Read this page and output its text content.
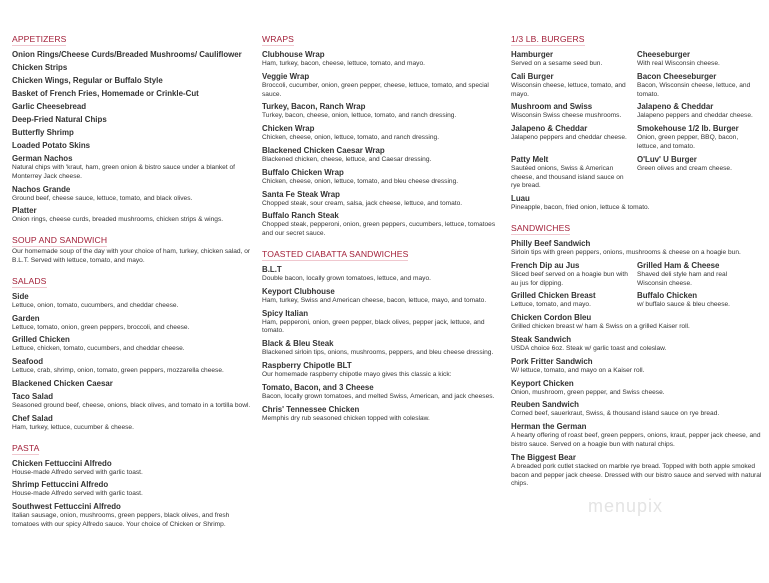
APPETIZERS
Onion Rings/Cheese Curds/Breaded Mushrooms/ Cauliflower
Chicken Strips
Chicken Wings, Regular or Buffalo Style
Basket of French Fries, Homemade or Crinkle-Cut
Garlic Cheesebread
Deep-Fried Natural Chips
Butterfly Shrimp
Loaded Potato Skins
German Nachos
Natural chips with 'kraut, ham, green onion & bistro sauce under a blanket of Monterrey Jack cheese.
Nachos Grande
Ground beef, cheese sauce, lettuce, tomato, and black olives.
Platter
Onion rings, cheese curds, breaded mushrooms, chicken strips & wings.
SOUP AND SANDWICH
Our homemade soup of the day with your choice of ham, turkey, chicken salad, or B.L.T. Served with lettuce, tomato, and mayo.
SALADS
Side
Lettuce, onion, tomato, cucumbers, and cheddar cheese.
Garden
Lettuce, tomato, onion, green peppers, broccoli, and cheese.
Grilled Chicken
Lettuce, chicken, tomato, cucumbers, and cheddar cheese.
Seafood
Lettuce, crab, shrimp, onion, tomato, green peppers, mozzarella cheese.
Blackened Chicken Caesar
Taco Salad
Seasoned ground beef, cheese, onions, black olives, and tomato in a tortilla bowl.
Chef Salad
Ham, turkey, lettuce, cucumber & cheese.
PASTA
Chicken Fettuccini Alfredo
House-made Alfredo served with garlic toast.
Shrimp Fettuccini Alfredo
House-made Alfredo served with garlic toast.
Southwest Fettuccini Alfredo
Italian sausage, onion, mushrooms, green peppers, black olives, and fresh tomatoes with our spicy Alfredo sauce. Your choice of Chicken or Shrimp.
WRAPS
Clubhouse Wrap
Ham, turkey, bacon, cheese, lettuce, tomato, and mayo.
Veggie Wrap
Broccoli, cucumber, onion, green pepper, cheese, lettuce, tomato, and special sauce.
Turkey, Bacon, Ranch Wrap
Turkey, bacon, cheese, onion, lettuce, tomato, and ranch dressing.
Chicken Wrap
Chicken, cheese, onion, lettuce, tomato, and ranch dressing.
Blackened Chicken Caesar Wrap
Blackened chicken, cheese, lettuce, and Caesar dressing.
Buffalo Chicken Wrap
Chicken, cheese, onion, lettuce, tomato, and bleu cheese dressing.
Santa Fe Steak Wrap
Chopped steak, sour cream, salsa, jack cheese, lettuce, and tomato.
Buffalo Ranch Steak
Chopped steak, pepperoni, onion, green peppers, cucumbers, lettuce, tomatoes and our secret sauce.
TOASTED CIABATTA SANDWICHES
B.L.T
Double bacon, locally grown tomatoes, lettuce, and mayo.
Keyport Clubhouse
Ham, turkey, Swiss and American cheese, bacon, lettuce, mayo, and tomato.
Spicy Italian
Ham, pepperoni, onion, green pepper, black olives, pepper jack, lettuce, and tomato.
Black & Bleu Steak
Blackened sirloin tips, onions, mushrooms, peppers, and bleu cheese dressing.
Raspberry Chipotle BLT
Our homemade raspberry chipotle mayo gives this classic a kick:
Tomato, Bacon, and 3 Cheese
Bacon, locally grown tomatoes, and melted Swiss, American, and jack cheeses.
Chris' Tennessee Chicken
Memphis dry rub seasoned chicken topped with coleslaw.
1/3 LB. BURGERS
Hamburger
Served on a sesame seed bun.
Cheeseburger
With real Wisconsin cheese.
Cali Burger
Wisconsin cheese, lettuce, tomato, and mayo.
Bacon Cheeseburger
Bacon, Wisconsin cheese, lettuce, and tomato.
Mushroom and Swiss
Wisconsin Swiss cheese mushrooms.
Jalapeno & Cheddar
Jalapeno peppers and cheddar cheese.
Jalapeno & Cheddar
Jalapeno peppers and cheddar cheese.
Smokehouse 1/2 lb. Burger
Onion, green pepper, BBQ, bacon, lettuce, and tomato.
Patty Melt
Sautéed onions, Swiss & American cheese, and thousand island sauce on rye bread.
O'Luv' U Burger
Green olives and cream cheese.
Luau
Pineapple, bacon, fried onion, lettuce & tomato.
SANDWICHES
Philly Beef Sandwich
Sirloin tips with green peppers, onions, mushrooms & cheese on a hoagie bun.
French Dip au Jus
Sliced beef served on a hoagie bun with au jus for dipping.
Grilled Ham & Cheese
Shaved deli style ham and real Wisconsin cheese.
Grilled Chicken Breast
Lettuce, tomato, and mayo.
Buffalo Chicken
w/ buffalo sauce & bleu cheese.
Chicken Cordon Bleu
Grilled chicken breast w/ ham & Swiss on a grilled Kaiser roll.
Steak Sandwich
USDA choice 6oz. Steak w/ garlic toast and coleslaw.
Pork Fritter Sandwich
W/ lettuce, tomato, and mayo on a Kaiser roll.
Keyport Chicken
Onion, mushroom, green pepper, and Swiss cheese.
Reuben Sandwich
Corned beef, sauerkraut, Swiss, & thousand island sauce on rye bread.
Herman the German
A hearty offering of roast beef, green peppers, onions, kraut, pepper jack cheese, and bistro sauce. Served on a hoagie bun with natural chips.
The Biggest Bear
A breaded pork cutlet stacked on marble rye bread. Topped with both apple smoked bacon and pepper jack cheese. Dressed with our bistro sauce and served with natural chips.
menupix
